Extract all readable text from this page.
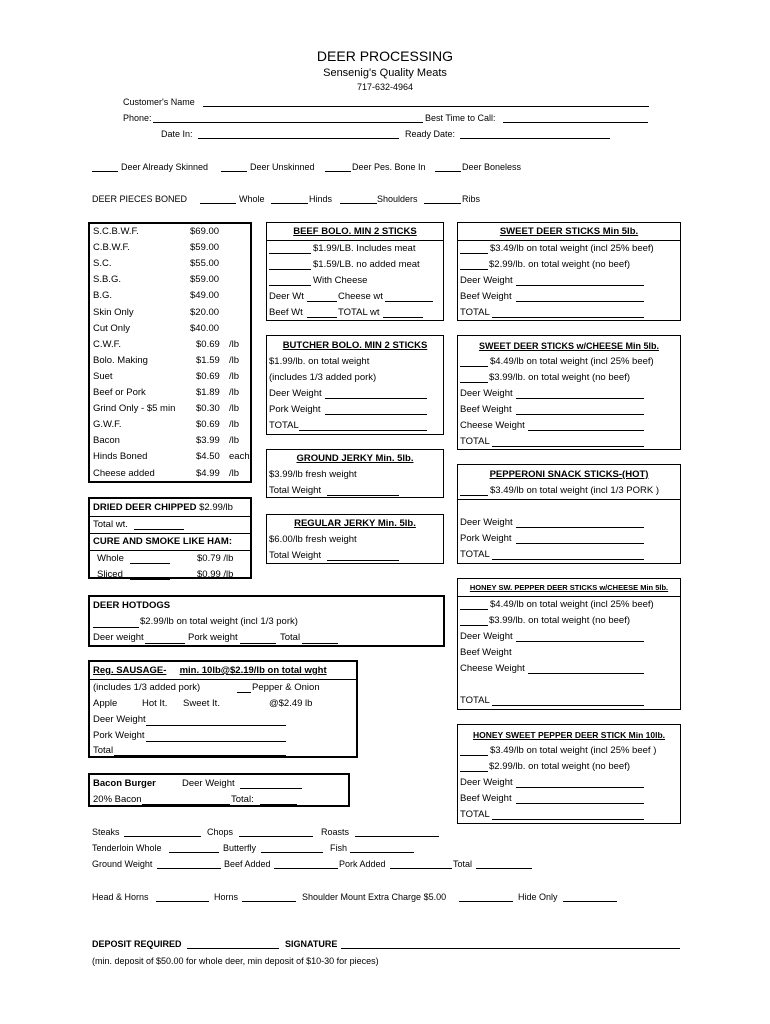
DEER PROCESSING
Sensenig's Quality Meats
717-632-4964
Customer's Name
Phone:	Best Time to Call:
Date In:	Ready Date:
Deer Already Skinned	Deer Unskinned	Deer Pes. Bone In	Deer Boneless
DEER PIECES BONED	Whole	Hinds	Shoulders	Ribs
S.C.B.W.F.	$69.00
C.B.W.F.	$59.00
S.C.	$55.00
S.B.G.	$59.00
B.G.	$49.00
Skin Only	$20.00
Cut Only	$40.00
C.W.F.	$0.69 /lb
Bolo. Making	$1.59 /lb
Suet	$0.69 /lb
Beef or Pork	$1.89 /lb
Grind Only - $5 min $0.30 /lb
G.W.F.	$0.69 /lb
Bacon	$3.99 /lb
Hinds Boned	$4.50 each
Cheese added	$4.99 /lb
DRIED DEER CHIPPED $2.99/lb
Total wt.
CURE AND SMOKE LIKE HAM:
Whole	$0.79 /lb
Sliced	$0.99 /lb
DEER HOTDOGS
$2.99/lb on total weight (incl 1/3 pork)
Deer weight	Pork weight	Total
Reg. SAUSAGE- min. 10lb@$2.19/lb on total wght
(includes 1/3 added pork)	Pepper & Onion
Apple	Hot It.	Sweet It.	@$2.49 lb
Deer Weight
Pork Weight
Total
Bacon Burger	Deer Weight
20% Bacon	Total:
BEEF BOLO. MIN 2 STICKS
$1.99/LB. Includes meat
$1.59/LB. no added meat
With Cheese
Deer Wt	Cheese wt
Beef Wt	TOTAL wt
BUTCHER BOLO. MIN 2 STICKS
$1.99/lb. on total weight
(includes 1/3 added pork)
Deer Weight
Pork Weight
TOTAL
GROUND JERKY Min. 5lb.
$3.99/lb fresh weight
Total Weight
REGULAR JERKY Min. 5lb.
$6.00/lb fresh weight
Total Weight
SWEET DEER STICKS Min 5lb.
$3.49/lb on total weight (incl 25% beef)
$2.99/lb. on total weight (no beef)
Deer Weight
Beef Weight
TOTAL
SWEET DEER STICKS w/CHEESE Min 5lb.
$4.49/lb on total weight (incl 25% beef)
$3.99/lb. on total weight (no beef)
Deer Weight
Beef Weight
Cheese Weight
TOTAL
PEPPERONI SNACK STICKS-(HOT)
$3.49/lb on total weight (incl 1/3 PORK )
Deer Weight
Pork Weight
TOTAL
HONEY SW. PEPPER DEER STICKS w/CHEESE Min 5lb.
$4.49/lb on total weight (incl 25% beef)
$3.99/lb. on total weight (no beef)
Deer Weight
Beef Weight
Cheese Weight
TOTAL
HONEY SWEET PEPPER DEER STICK Min 10lb.
$3.49/lb on total weight (incl 25% beef )
$2.99/lb. on total weight (no beef)
Deer Weight
Beef Weight
TOTAL
Steaks	Chops	Roasts
Tenderloin Whole	Butterfly	Fish
Ground Weight	Beef Added	Pork Added	Total
Head & Horns	Horns	Shoulder Mount Extra Charge $5.00	Hide Only
DEPOSIT REQUIRED	SIGNATURE
(min. deposit of $50.00 for whole deer, min deposit of $10-30 for pieces)
